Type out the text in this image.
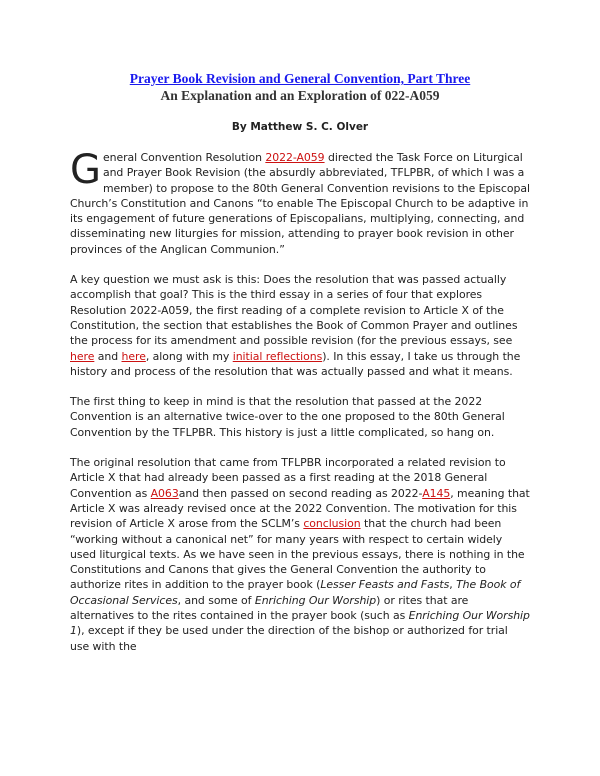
Prayer Book Revision and General Convention, Part Three
An Explanation and an Exploration of 022-A059
By Matthew S. C. Olver

General Convention Resolution 2022-A059 directed the Task Force on Liturgical and Prayer Book Revision (the absurdly abbreviated, TFLPBR, of which I was a member) to propose to the 80th General Convention revisions to the Episcopal Church’s Constitution and Canons “to enable The Episcopal Church to be adaptive in its engagement of future generations of Episcopalians, multiplying, connecting, and disseminating new liturgies for mission, attending to prayer book revision in other provinces of the Anglican Communion.”

A key question we must ask is this: Does the resolution that was passed actually accomplish that goal? This is the third essay in a series of four that explores Resolution 2022-A059, the first reading of a complete revision to Article X of the Constitution, the section that establishes the Book of Common Prayer and outlines the process for its amendment and possible revision (for the previous essays, see here and here, along with my initial reflections). In this essay, I take us through the history and process of the resolution that was actually passed and what it means.

The first thing to keep in mind is that the resolution that passed at the 2022 Convention is an alternative twice-over to the one proposed to the 80th General Convention by the TFLPBR. This history is just a little complicated, so hang on.

The original resolution that came from TFLPBR incorporated a related revision to Article X that had already been passed as a first reading at the 2018 General Convention as A063and then passed on second reading as 2022-A145, meaning that Article X was already revised once at the 2022 Convention. The motivation for this revision of Article X arose from the SCLM’s conclusion that the church had been “working without a canonical net” for many years with respect to certain widely used liturgical texts. As we have seen in the previous essays, there is nothing in the Constitutions and Canons that gives the General Convention the authority to authorize rites in addition to the prayer book (Lesser Feasts and Fasts, The Book of Occasional Services, and some of Enriching Our Worship) or rites that are alternatives to the rites contained in the prayer book (such as Enriching Our Worship 1), except if they be used under the direction of the bishop or authorized for trial use with the
